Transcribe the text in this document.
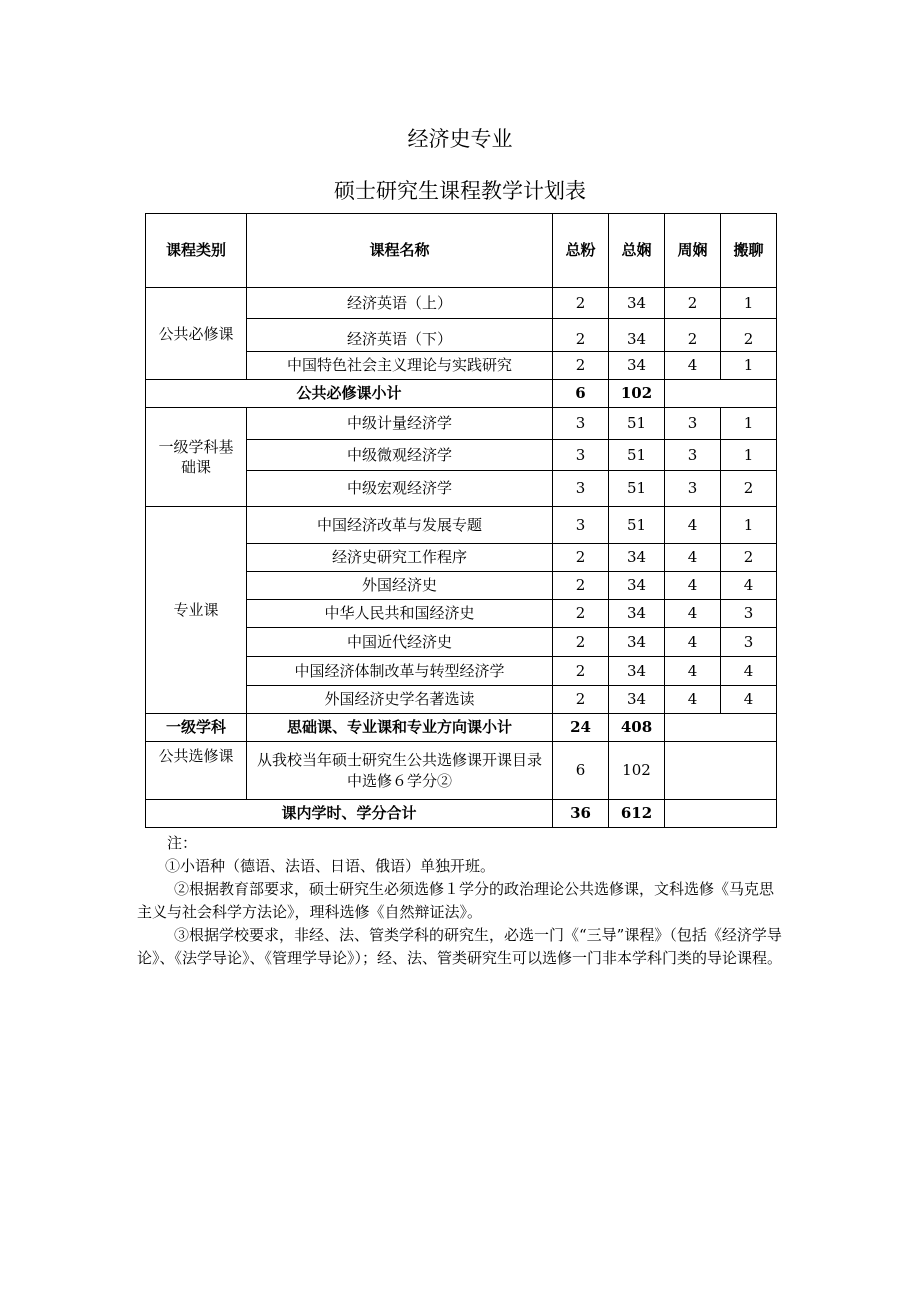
经济史专业
硕士研究生课程教学计划表
课程类别	课程名称	总粉	总娴	周娴	搬聊
公共必修课	经济英语（上）	2	34	2	1
	经济英语（下）	2	34	2	2
	中国特色社会主义理论与实践研究	2	34	4	1
公共必修课小计		6	102		
一级学科基础课	中级计量经济学	3	51	3	1
	中级微观经济学	3	51	3	1
	中级宏观经济学	3	51	3	2
专业课	中国经济改革与发展专题	3	51	4	1
	经济史研究工作程序	2	34	4	2
	外国经济史	2	34	4	4
	中华人民共和国经济史	2	34	4	3
	中国近代经济史	2	34	4	3
	中国经济体制改革与转型经济学	2	34	4	4
	外国经济史学名著选读	2	34	4	4
一级学科	思础课、专业课和专业方向课小计	24	408		
公共选修课	从我校当年硕士研究生公共选修课开课目录中选修６学分②	6	102		
课内学时、学分合计		36	612		

注：

①小语种（德语、法语、日语、俄语）单独开班。

②根据教育部要求，硕士研究生必须选修１学分的政治理论公共选修课，文科选修《马克思主义与社会科学方法论》，理科选修《自然辩证法》。

③根据学校要求，非经、法、管类学科的研究生，必选一门《“三导”课程》（包括《经济学导论》、《法学导论》、《管理学导论》）；经、法、管类研究生可以选修一门非本学科门类的导论课程。
